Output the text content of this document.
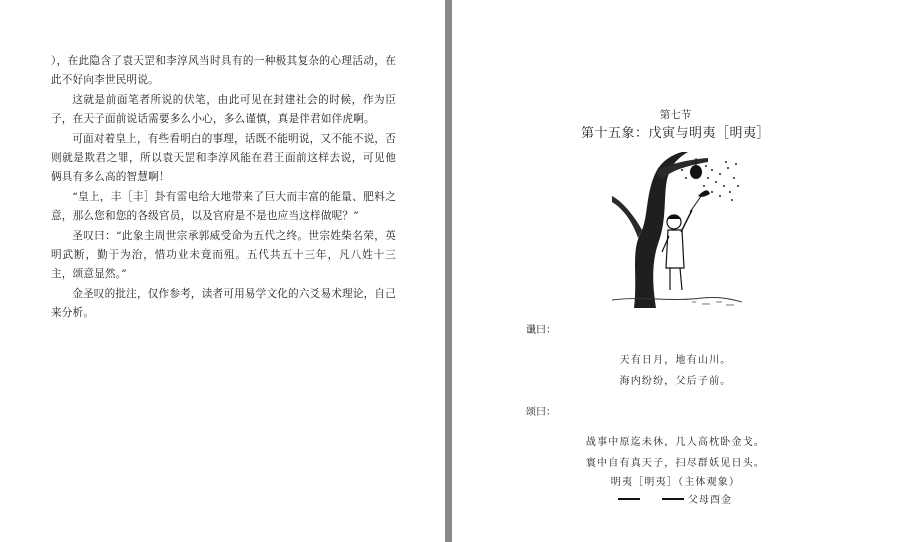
），在此隐含了袁天罡和李淳风当时具有的一种极其复杂的心理活动，在此不好向李世民明说。

这就是前面笔者所说的伏笔，由此可见在封建社会的时候，作为臣子，在天子面前说话需要多么小心，多么谨慎，真是伴君如伴虎啊。

可面对着皇上，有些看明白的事理，话既不能明说，又不能不说，否则就是欺君之罪，所以袁天罡和李淳风能在君王面前这样去说，可见他俩具有多么高的智慧啊！

“皇上，丰［丰］卦有雷电给大地带来了巨大而丰富的能量、肥料之意，那么您和您的各级官员，以及官府是不是也应当这样做呢？”

圣叹曰：“此象主周世宗承郭威受命为五代之终。世宗姓柴名荣，英明武断，勤于为治，惜功业未竟而殂。五代共五十三年，凡八姓十三主，颂意显然。”

金圣叹的批注，仅作参考，读者可用易学文化的六爻易术理论，自己来分析。

第七节
第十五象：戊寅与明夷［明夷］
谶曰：
天有日月，地有山川。
海内纷纷，父后子前。
颂曰：
战事中原迄未休，几人高枕卧金戈。
寰中自有真天子，扫尽群妖见日头。
明夷［明夷］（主体观象）
父母酉金
